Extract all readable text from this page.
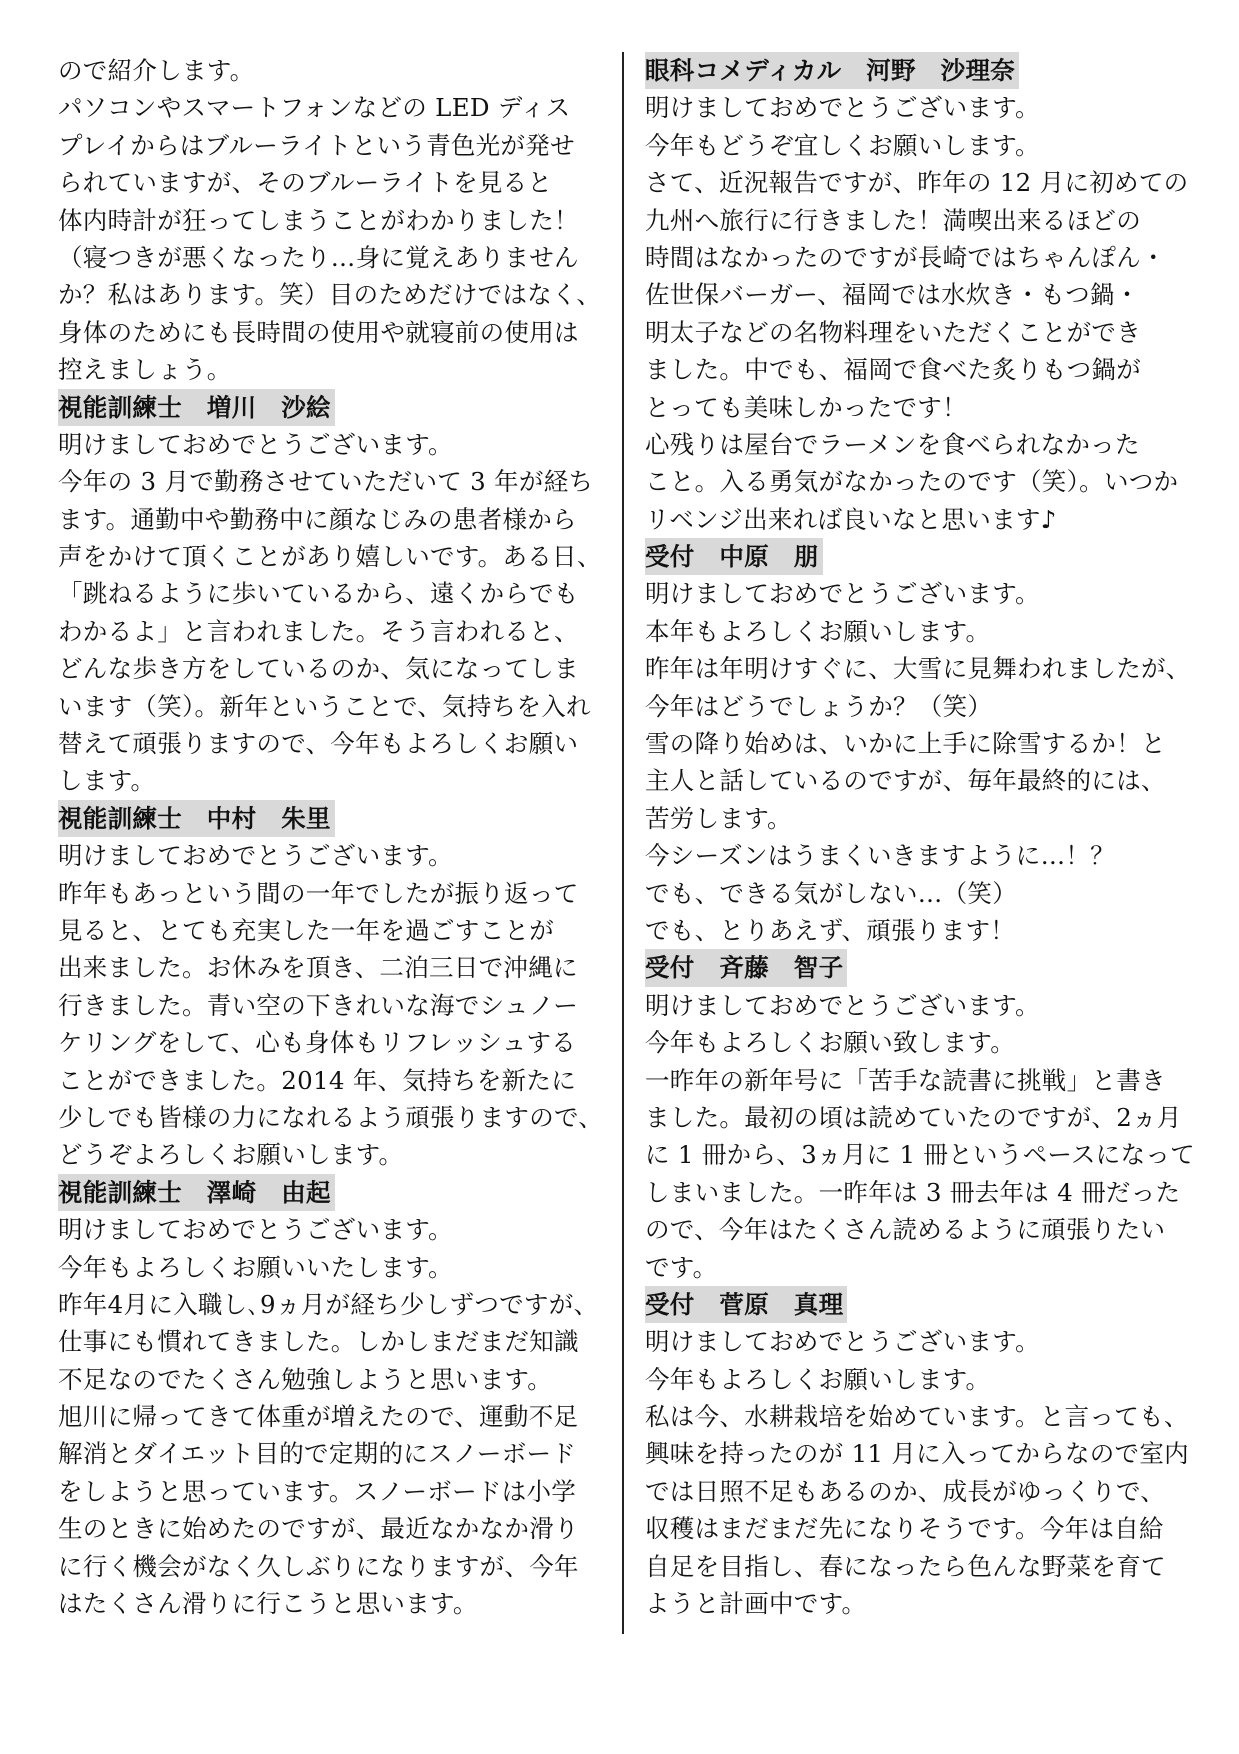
ので紹介します。
パソコンやスマートフォンなどの LED ディス
プレイからはブルーライトという青色光が発せ
られていますが、そのブルーライトを見ると
体内時計が狂ってしまうことがわかりました！
（寝つきが悪くなったり…身に覚えありません
か？私はあります。笑）目のためだけではなく、
身体のためにも長時間の使用や就寝前の使用は
控えましょう。
視能訓練士　増川　沙絵
明けましておめでとうございます。
今年の 3 月で勤務させていただいて 3 年が経ち
ます。通勤中や勤務中に顔なじみの患者様から
声をかけて頂くことがあり嬉しいです。ある日、
「跳ねるように歩いているから、遠くからでも
わかるよ」と言われました。そう言われると、
どんな歩き方をしているのか、気になってしま
います（笑）。新年ということで、気持ちを入れ
替えて頑張りますので、今年もよろしくお願い
します。
視能訓練士　中村　朱里
明けましておめでとうございます。
昨年もあっという間の一年でしたが振り返って
見ると、とても充実した一年を過ごすことが
出来ました。お休みを頂き、二泊三日で沖縄に
行きました。青い空の下きれいな海でシュノー
ケリングをして、心も身体もリフレッシュする
ことができました。2014 年、気持ちを新たに
少しでも皆様の力になれるよう頑張りますので、
どうぞよろしくお願いします。
視能訓練士　澤崎　由起
明けましておめでとうございます。
今年もよろしくお願いいたします。
昨年4月に入職し､9ヵ月が経ち少しずつですが、
仕事にも慣れてきました。しかしまだまだ知識
不足なのでたくさん勉強しようと思います。
旭川に帰ってきて体重が増えたので、運動不足
解消とダイエット目的で定期的にスノーボード
をしようと思っています。スノーボードは小学
生のときに始めたのですが、最近なかなか滑り
に行く機会がなく久しぶりになりますが、今年
はたくさん滑りに行こうと思います。
眼科コメディカル　河野　沙理奈
明けましておめでとうございます。
今年もどうぞ宜しくお願いします。
さて、近況報告ですが、昨年の 12 月に初めての
九州へ旅行に行きました！満喫出来るほどの
時間はなかったのですが長崎ではちゃんぽん・
佐世保バーガー、福岡では水炊き・もつ鍋・
明太子などの名物料理をいただくことができ
ました。中でも、福岡で食べた炙りもつ鍋が
とっても美味しかったです！
心残りは屋台でラーメンを食べられなかった
こと。入る勇気がなかったのです（笑）。いつか
リベンジ出来れば良いなと思います♪
受付　中原　朋
明けましておめでとうございます。
本年もよろしくお願いします。
昨年は年明けすぐに、大雪に見舞われましたが、
今年はどうでしょうか？（笑）
雪の降り始めは、いかに上手に除雪するか！と
主人と話しているのですが、毎年最終的には、
苦労します。
今シーズンはうまくいきますように…！？
でも、できる気がしない…（笑）
でも、とりあえず、頑張ります！
受付　斉藤　智子
明けましておめでとうございます。
今年もよろしくお願い致します。
一昨年の新年号に「苦手な読書に挑戦」と書き
ました。最初の頃は読めていたのですが、2ヵ月
に 1 冊から、3ヵ月に 1 冊というペースになって
しまいました。一昨年は 3 冊去年は 4 冊だった
ので、今年はたくさん読めるように頑張りたい
です。
受付　菅原　真理
明けましておめでとうございます。
今年もよろしくお願いします。
私は今、水耕栽培を始めています。と言っても、
興味を持ったのが 11 月に入ってからなので室内
では日照不足もあるのか、成長がゆっくりで、
収穫はまだまだ先になりそうです。今年は自給
自足を目指し、春になったら色んな野菜を育て
ようと計画中です。
